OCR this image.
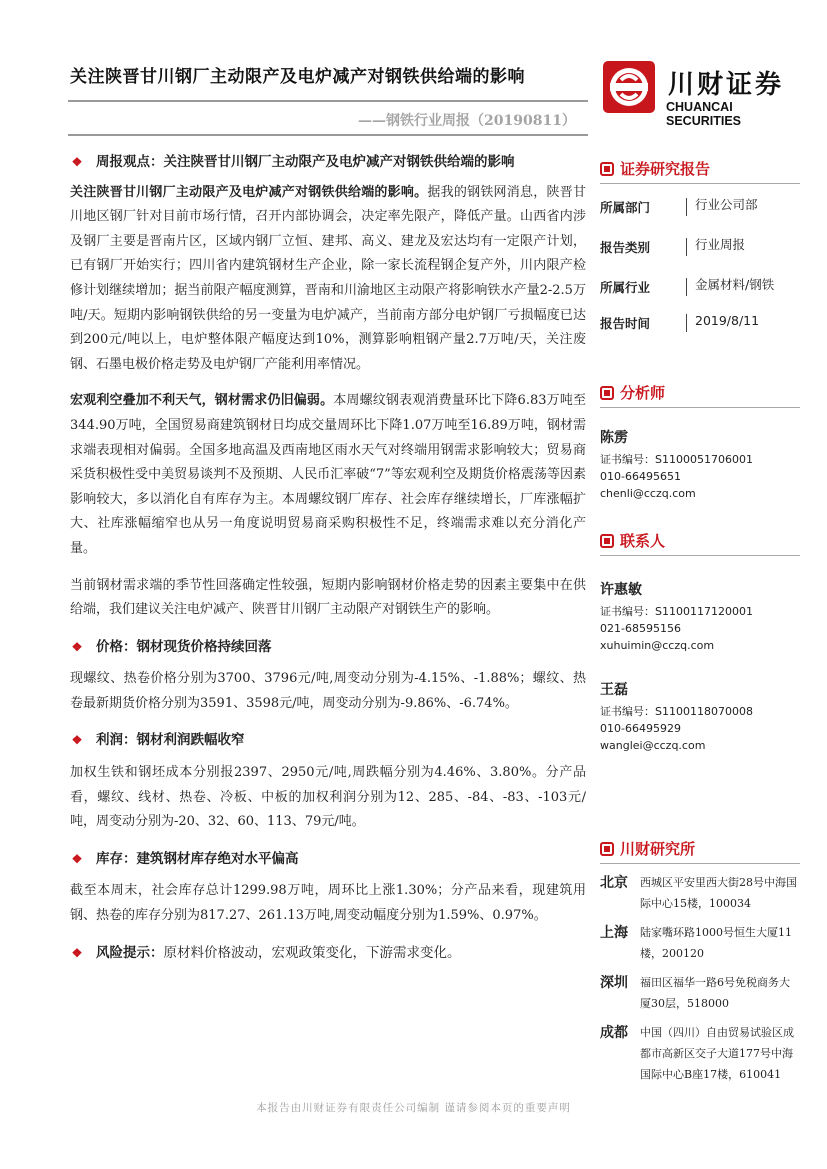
关注陕晋甘川钢厂主动限产及电炉减产对钢铁供给端的影响
——钢铁行业周报（20190811）
川财证券
CHUANCAI SECURITIES
❖ 周报观点：关注陕晋甘川钢厂主动限产及电炉减产对钢铁供给端的影响

关注陕晋甘川钢厂主动限产及电炉减产对钢铁供给端的影响。据我的钢铁网消息，陕晋甘川地区钢厂针对目前市场行情，召开内部协调会，决定率先限产，降低产量。山西省内涉及钢厂主要是晋南片区，区域内钢厂立恒、建邦、高义、建龙及宏达均有一定限产计划，已有钢厂开始实行；四川省内建筑钢材生产企业，除一家长流程钢企复产外，川内限产检修计划继续增加；据当前限产幅度测算，晋南和川渝地区主动限产将影响铁水产量2-2.5万吨/天。短期内影响钢铁供给的另一变量为电炉减产，当前南方部分电炉钢厂亏损幅度已达到200元/吨以上，电炉整体限产幅度达到10%，测算影响粗钢产量2.7万吨/天，关注废钢、石墨电极价格走势及电炉钢厂产能利用率情况。

宏观利空叠加不利天气，钢材需求仍旧偏弱。本周螺纹钢表观消费量环比下降6.83万吨至344.90万吨，全国贸易商建筑钢材日均成交量周环比下降1.07万吨至16.89万吨，钢材需求端表现相对偏弱。全国多地高温及西南地区雨水天气对终端用钢需求影响较大；贸易商采货积极性受中美贸易谈判不及预期、人民币汇率破“7”等宏观利空及期货价格震荡等因素影响较大，多以消化自有库存为主。本周螺纹钢厂库存、社会库存继续增长，厂库涨幅扩大、社库涨幅缩窄也从另一角度说明贸易商采购积极性不足，终端需求难以充分消化产量。

当前钢材需求端的季节性回落确定性较强，短期内影响钢材价格走势的因素主要集中在供给端，我们建议关注电炉减产、陕晋甘川钢厂主动限产对钢铁生产的影响。

❖ 价格：钢材现货价格持续回落

现螺纹、热卷价格分别为3700、3796元/吨,周变动分别为-4.15%、-1.88%；螺纹、热卷最新期货价格分别为3591、3598元/吨，周变动分别为-9.86%、-6.74%。

❖ 利润：钢材利润跌幅收窄

加权生铁和钢坯成本分别报2397、2950元/吨,周跌幅分别为4.46%、3.80%。分产品看，螺纹、线材、热卷、冷板、中板的加权利润分别为12、285、-84、-83、-103元/吨，周变动分别为-20、32、60、113、79元/吨。

❖ 库存：建筑钢材库存绝对水平偏高

截至本周末，社会库存总计1299.98万吨，周环比上涨1.30%；分产品来看，现建筑用钢、热卷的库存分别为817.27、261.13万吨,周变动幅度分别为1.59%、0.97%。

❖ 风险提示： 原材料价格波动，宏观政策变化，下游需求变化。
证券研究报告
所属部门	行业公司部
报告类别	行业周报
所属行业	金属材料/钢铁
报告时间	2019/8/11
分析师
陈雳
证书编号：S1100051706001
010-66495651
chenli@cczq.com
联系人
许惠敏
证书编号：S1100117120001
021-68595156
xuhuimin@cczq.com
王磊
证书编号：S1100118070008
010-66495929
wanglei@cczq.com
川财研究所
北京	西城区平安里西大街28号中海国际中心15楼，100034
上海	陆家嘴环路1000号恒生大厦11楼，200120
深圳	福田区福华一路6号免税商务大厦30层，518000
成都	中国（四川）自由贸易试验区成都市高新区交子大道177号中海国际中心B座17楼，610041
本报告由川财证券有限责任公司编制 谨请参阅本页的重要声明
